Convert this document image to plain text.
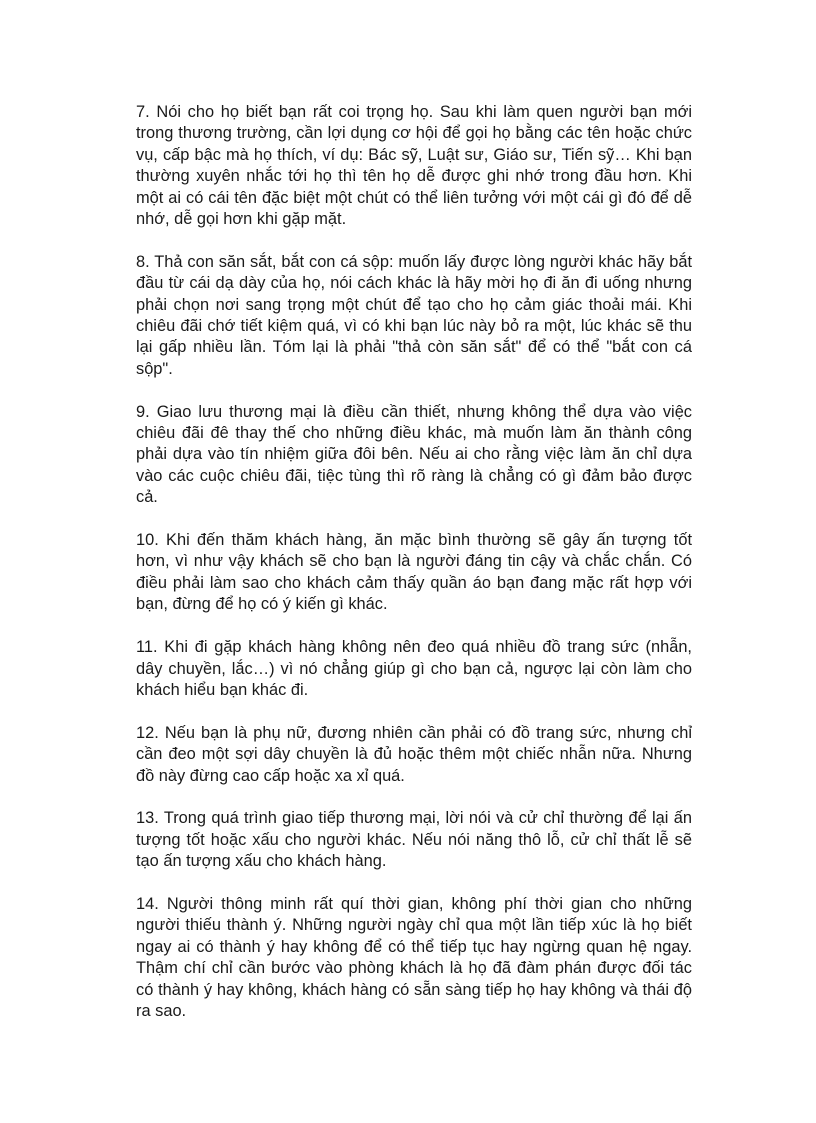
7. Nói cho họ biết bạn rất coi trọng họ. Sau khi làm quen người bạn mới trong thương trường, cần lợi dụng cơ hội để gọi họ bằng các tên hoặc chức vụ, cấp bậc mà họ thích, ví dụ: Bác sỹ, Luật sư, Giáo sư, Tiến sỹ… Khi bạn thường xuyên nhắc tới họ thì tên họ dễ được ghi nhớ trong đầu hơn. Khi một ai có cái tên đặc biệt một chút có thể liên tưởng với một cái gì đó để dễ nhớ, dễ gọi hơn khi gặp mặt.

8. Thả con săn sắt, bắt con cá sộp: muốn lấy được lòng người khác hãy bắt đầu từ cái dạ dày của họ, nói cách khác là hãy mời họ đi ăn đi uống nhưng phải chọn nơi sang trọng một chút để tạo cho họ cảm giác thoải mái. Khi chiêu đãi chớ tiết kiệm quá, vì có khi bạn lúc này bỏ ra một, lúc khác sẽ thu lại gấp nhiều lần. Tóm lại là phải "thả còn săn sắt" để có thể "bắt con cá sộp".

9. Giao lưu thương mại là điều cần thiết, nhưng không thể dựa vào việc chiêu đãi đê thay thế cho những điều khác, mà muốn làm ăn thành công phải dựa vào tín nhiệm giữa đôi bên. Nếu ai cho rằng việc làm ăn chỉ dựa vào các cuộc chiêu đãi, tiệc tùng thì rõ ràng là chẳng có gì đảm bảo được cả.

10. Khi đến thăm khách hàng, ăn mặc bình thường sẽ gây ấn tượng tốt hơn, vì như vậy khách sẽ cho bạn là người đáng tin cậy và chắc chắn. Có điều phải làm sao cho khách cảm thấy quần áo bạn đang mặc rất hợp với bạn, đừng để họ có ý kiến gì khác.

11. Khi đi gặp khách hàng không nên đeo quá nhiều đồ trang sức (nhẫn, dây chuyền, lắc…) vì nó chẳng giúp gì cho bạn cả, ngược lại còn làm cho khách hiểu bạn khác đi.

12. Nếu bạn là phụ nữ, đương nhiên cần phải có đồ trang sức, nhưng chỉ cần đeo một sợi dây chuyền là đủ hoặc thêm một chiếc nhẫn nữa. Nhưng đồ này đừng cao cấp hoặc xa xỉ quá.

13. Trong quá trình giao tiếp thương mại, lời nói và cử chỉ thường để lại ấn tượng tốt hoặc xấu cho người khác. Nếu nói năng thô lỗ, cử chỉ thất lễ sẽ tạo ấn tượng xấu cho khách hàng.

14. Người thông minh rất quí thời gian, không phí thời gian cho những người thiếu thành ý. Những người ngày chỉ qua một lần tiếp xúc là họ biết ngay ai có thành ý hay không để có thể tiếp tục hay ngừng quan hệ ngay. Thậm chí chỉ cần bước vào phòng khách là họ đã đàm phán được đối tác có thành ý hay không, khách hàng có sẵn sàng tiếp họ hay không và thái độ ra sao.
